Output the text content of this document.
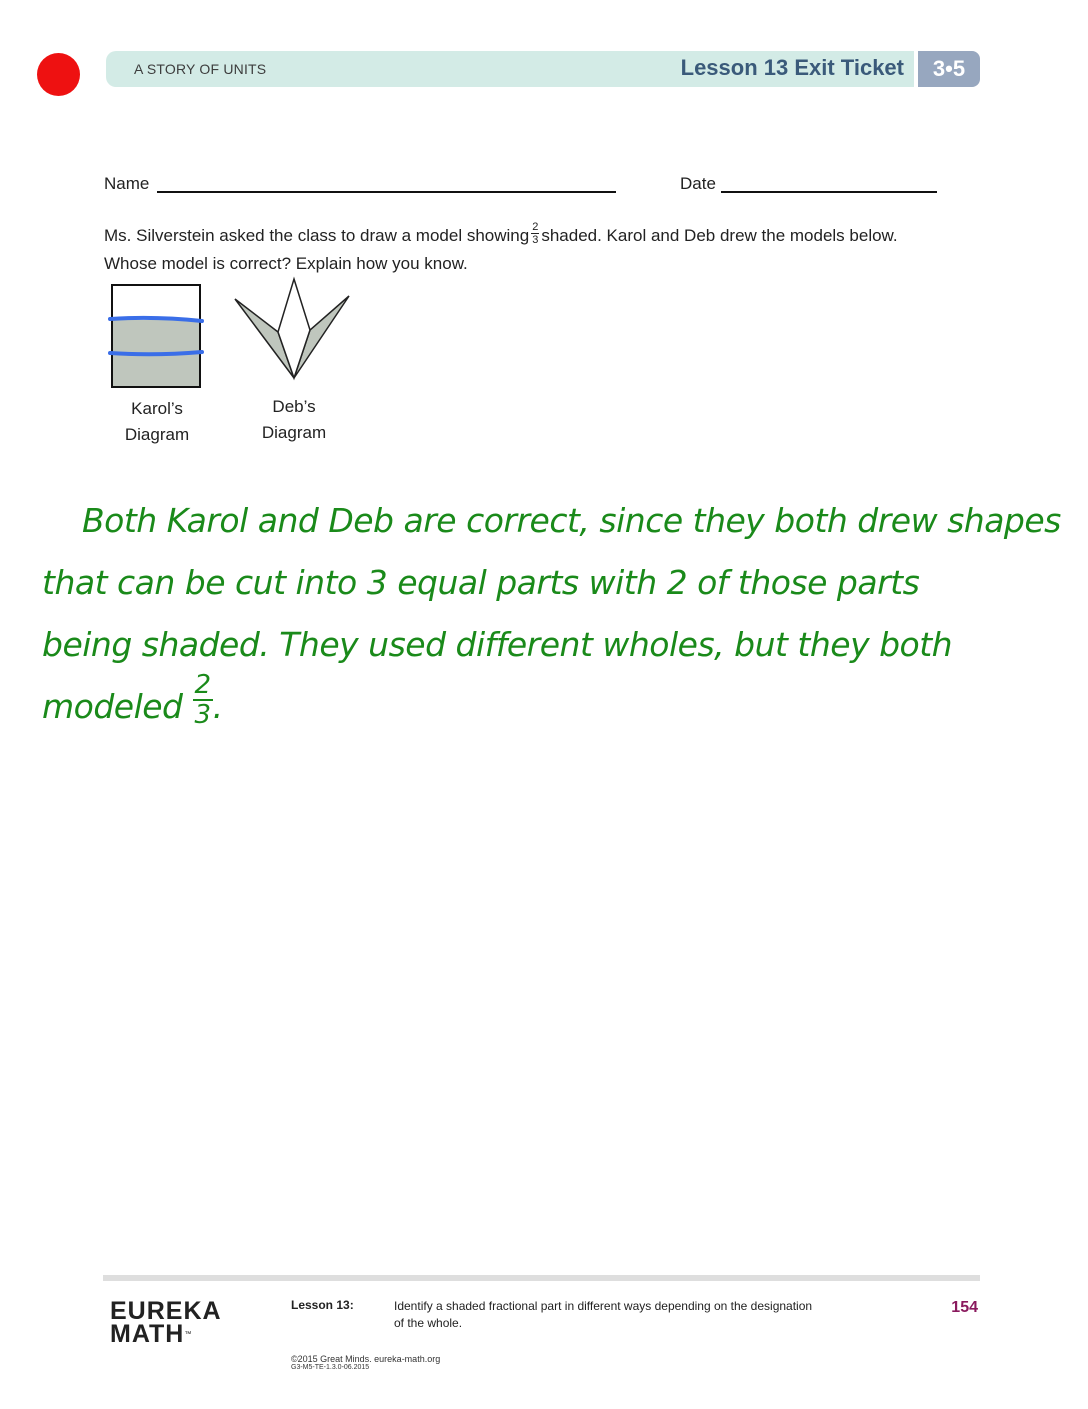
A STORY OF UNITS	Lesson 13 Exit Ticket	3•5
Name	Date
Ms. Silverstein asked the class to draw a model showing $\frac{2}{3}$ shaded. Karol and Deb drew the models below.
Whose model is correct? Explain how you know.
Karol’s Diagram
Deb’s Diagram
Both Karol and Deb are correct, since they both drew shapes
that can be cut into 3 equal parts with 2 of those parts
being shaded. They used different wholes, but they both modeled $\frac{2}{3}$.
EUREKA
MATH™
Lesson 13:	Identify a shaded fractional part in different ways depending on the designation of the whole.
154
©2015 Great Minds. eureka-math.org
G3-M5-TE-1.3.0-06.2015
